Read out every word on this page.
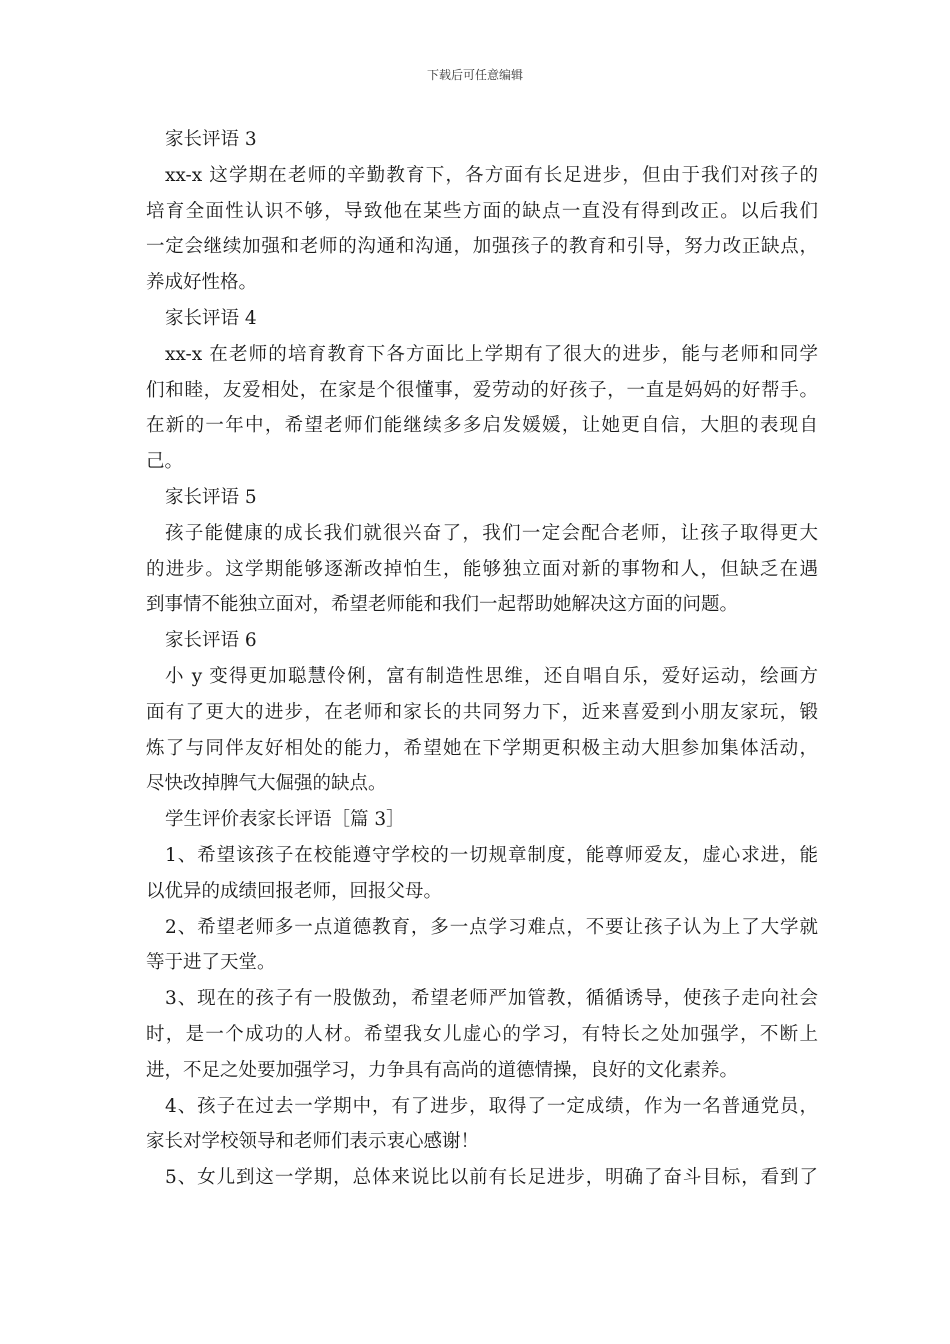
下载后可任意编辑
家长评语 3
xx-x 这学期在老师的辛勤教育下，各方面有长足进步，但由于我们对孩子的
培育全面性认识不够，导致他在某些方面的缺点一直没有得到改正。以后我们
一定会继续加强和老师的沟通和沟通，加强孩子的教育和引导，努力改正缺点，
养成好性格。
家长评语 4
xx-x 在老师的培育教育下各方面比上学期有了很大的进步，能与老师和同学
们和睦，友爱相处，在家是个很懂事，爱劳动的好孩子，一直是妈妈的好帮手。
在新的一年中，希望老师们能继续多多启发媛媛，让她更自信，大胆的表现自
己。
家长评语 5
孩子能健康的成长我们就很兴奋了，我们一定会配合老师，让孩子取得更大
的进步。这学期能够逐渐改掉怕生，能够独立面对新的事物和人，但缺乏在遇
到事情不能独立面对，希望老师能和我们一起帮助她解决这方面的问题。
家长评语 6
小 y 变得更加聪慧伶俐，富有制造性思维，还自唱自乐，爱好运动，绘画方
面有了更大的进步，在老师和家长的共同努力下，近来喜爱到小朋友家玩，锻
炼了与同伴友好相处的能力，希望她在下学期更积极主动大胆参加集体活动，
尽快改掉脾气大倔强的缺点。
学生评价表家长评语［篇 3］
1、希望该孩子在校能遵守学校的一切规章制度，能尊师爱友，虚心求进，能
以优异的成绩回报老师，回报父母。
2、希望老师多一点道德教育，多一点学习难点，不要让孩子认为上了大学就
等于进了天堂。
3、现在的孩子有一股傲劲，希望老师严加管教，循循诱导，使孩子走向社会
时，是一个成功的人材。希望我女儿虚心的学习，有特长之处加强学，不断上
进，不足之处要加强学习，力争具有高尚的道德情操，良好的文化素养。
4、孩子在过去一学期中，有了进步，取得了一定成绩，作为一名普通党员，
家长对学校领导和老师们表示衷心感谢！
5、女儿到这一学期，总体来说比以前有长足进步，明确了奋斗目标，看到了
